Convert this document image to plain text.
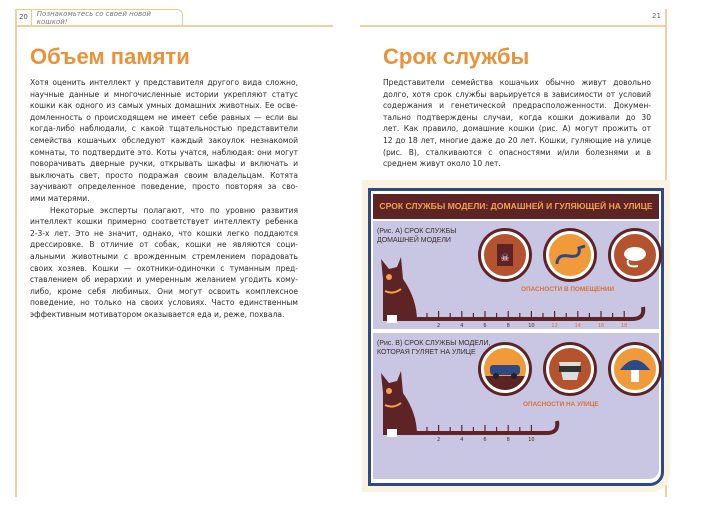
20	Познакомьтесь со своей новой кошкой!
Объем памяти
Хотя оценить интеллект у представителя другого вида сложно,
научные данные и многочисленные истории укрепляют статус
кошки как одного из самых умных домашних животных. Ее осве-
домленность о происходящем не имеет себе равных — если вы
когда-либо наблюдали, с какой тщательностью представители
семейства кошачьих обследуют каждый закоулок незнакомой
комнаты, то подтвердите это. Коты учатся, наблюдая: они могут
поворачивать дверные ручки, открывать шкафы и включать и
выключать свет, просто подражая своим владельцам. Котята
заучивают определенное поведение, просто повторяя за сво-
ими матерями.
Некоторые эксперты полагают, что по уровню развития
интеллект кошки примерно соответствует интеллекту ребенка
2-3-х лет. Это не значит, однако, что кошки легко поддаются
дрессировке. В отличие от собак, кошки не являются соци-
альными животными с врожденным стремлением порадовать
своих хозяев. Кошки — охотники-одиночки с туманным пред-
ставлением об иерархии и умеренным желанием угодить кому-
либо, кроме себя любимых. Они могут освоить комплексное
поведение, но только на своих условиях. Часто единственным
эффективным мотиватором оказывается еда и, реже, похвала.
21
Срок службы
Представители семейства кошачьих обычно живут довольно
долго, хотя срок службы варьируется в зависимости от условий
содержания и генетической предрасположенности. Докумен-
тально подтверждены случаи, когда кошки доживали до 30
лет. Как правило, домашние кошки (рис. А) могут прожить от
12 до 18 лет, многие даже до 20 лет. Кошки, гуляющие на улице
(рис. В), сталкиваются с опасностями и/или болезнями и в
среднем живут около 10 лет.
СРОК СЛУЖБЫ МОДЕЛИ: ДОМАШНЕЙ И ГУЛЯЮЩЕЙ НА УЛИЦЕ
(Рис. А) СРОК СЛУЖБЫ
ДОМАШНЕЙ МОДЕЛИ
2	4	6	8	10	12	14	16	18
☠
ОПАСНОСТИ В ПОМЕЩЕНИИ
(Рис. В) СРОК СЛУЖБЫ МОДЕЛИ,
КОТОРАЯ ГУЛЯЕТ НА УЛИЦЕ
2	4	6	8	10
ОПАСНОСТИ НА УЛИЦЕ
